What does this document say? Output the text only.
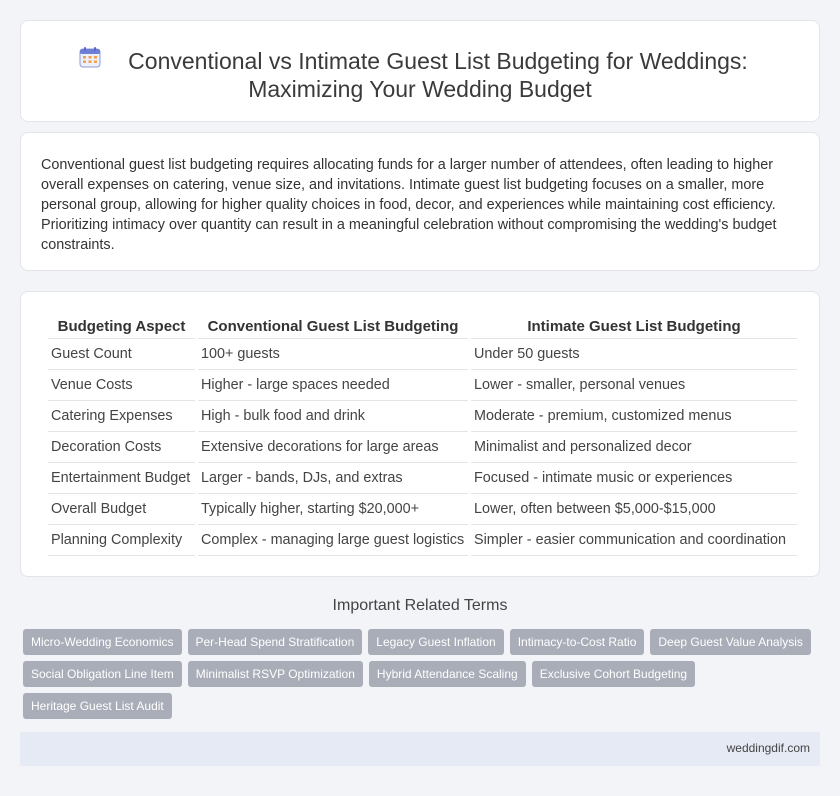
Conventional vs Intimate Guest List Budgeting for Weddings:
Maximizing Your Wedding Budget
Conventional guest list budgeting requires allocating funds for a larger number of attendees, often leading to higher overall expenses on catering, venue size, and invitations. Intimate guest list budgeting focuses on a smaller, more personal group, allowing for higher quality choices in food, decor, and experiences while maintaining cost efficiency. Prioritizing intimacy over quantity can result in a meaningful celebration without compromising the wedding's budget constraints.
Budgeting Aspect	Conventional Guest List Budgeting	Intimate Guest List Budgeting
Guest Count	100+ guests	Under 50 guests
Venue Costs	Higher - large spaces needed	Lower - smaller, personal venues
Catering Expenses	High - bulk food and drink	Moderate - premium, customized menus
Decoration Costs	Extensive decorations for large areas	Minimalist and personalized decor
Entertainment Budget	Larger - bands, DJs, and extras	Focused - intimate music or experiences
Overall Budget	Typically higher, starting $20,000+	Lower, often between $5,000-$15,000
Planning Complexity	Complex - managing large guest logistics	Simpler - easier communication and coordination
Important Related Terms
Micro-Wedding Economics	Per-Head Spend Stratification	Legacy Guest Inflation	Intimacy-to-Cost Ratio	Deep Guest Value Analysis
Social Obligation Line Item	Minimalist RSVP Optimization	Hybrid Attendance Scaling	Exclusive Cohort Budgeting
Heritage Guest List Audit
weddingdif.com
